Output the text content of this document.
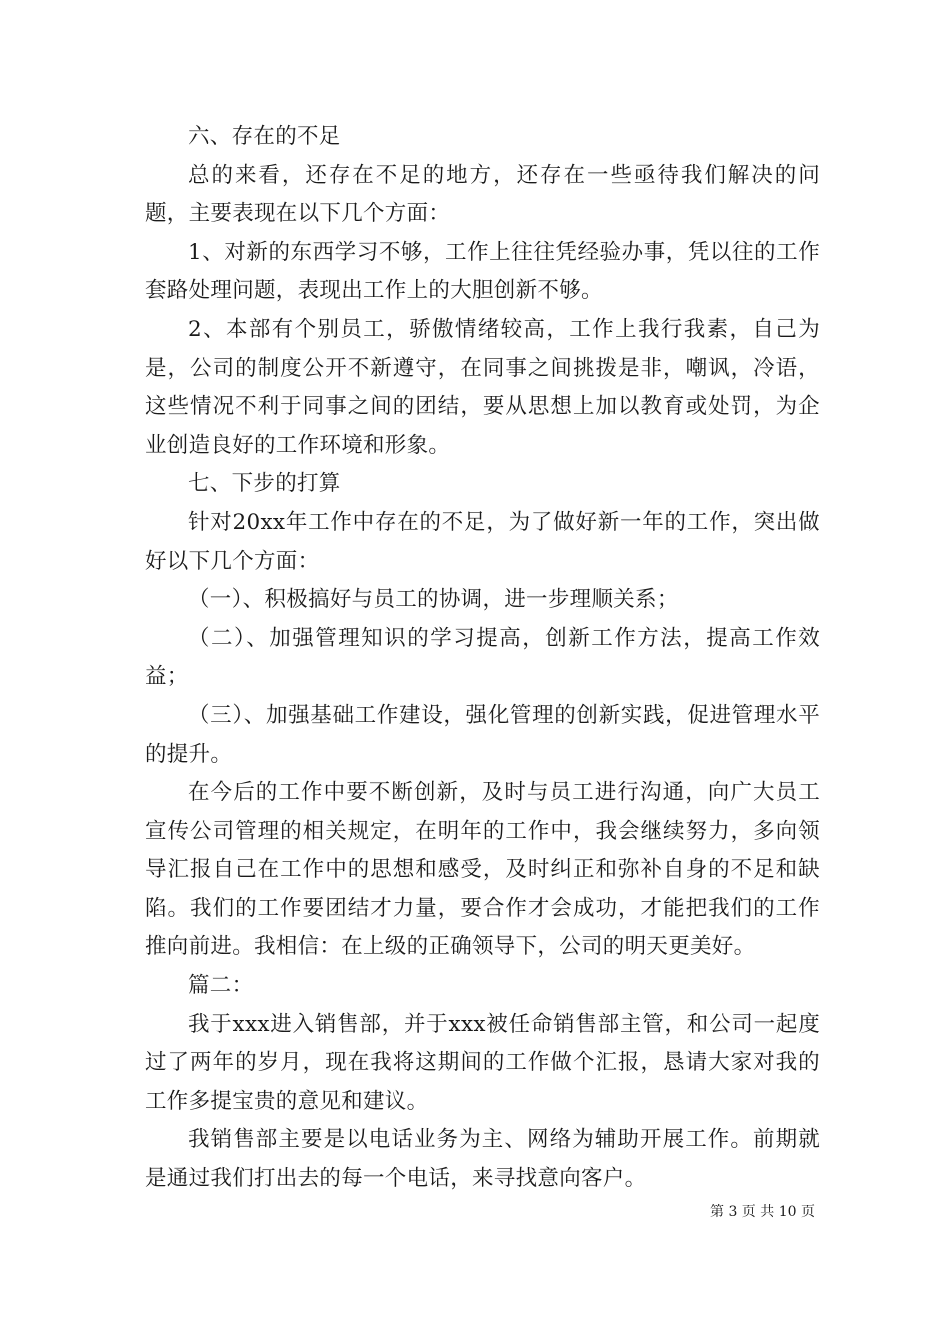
六、存在的不足

总的来看，还存在不足的地方，还存在一些亟待我们解决的问题，主要表现在以下几个方面：

1、对新的东西学习不够，工作上往往凭经验办事，凭以往的工作套路处理问题，表现出工作上的大胆创新不够。

2、本部有个别员工，骄傲情绪较高，工作上我行我素，自己为是，公司的制度公开不新遵守，在同事之间挑拨是非，嘲讽，冷语，这些情况不利于同事之间的团结，要从思想上加以教育或处罚，为企业创造良好的工作环境和形象。

七、下步的打算

针对20xx年工作中存在的不足，为了做好新一年的工作，突出做好以下几个方面：

（一）、积极搞好与员工的协调，进一步理顺关系；

（二）、加强管理知识的学习提高，创新工作方法，提高工作效益；

（三）、加强基础工作建设，强化管理的创新实践，促进管理水平的提升。

在今后的工作中要不断创新，及时与员工进行沟通，向广大员工宣传公司管理的相关规定，在明年的工作中，我会继续努力，多向领导汇报自己在工作中的思想和感受，及时纠正和弥补自身的不足和缺陷。我们的工作要团结才力量，要合作才会成功，才能把我们的工作推向前进。我相信：在上级的正确领导下，公司的明天更美好。

篇二：

我于xxx进入销售部，并于xxx被任命销售部主管，和公司一起度过了两年的岁月，现在我将这期间的工作做个汇报，恳请大家对我的工作多提宝贵的意见和建议。

我销售部主要是以电话业务为主、网络为辅助开展工作。前期就是通过我们打出去的每一个电话，来寻找意向客户。

第 3 页 共 10 页
